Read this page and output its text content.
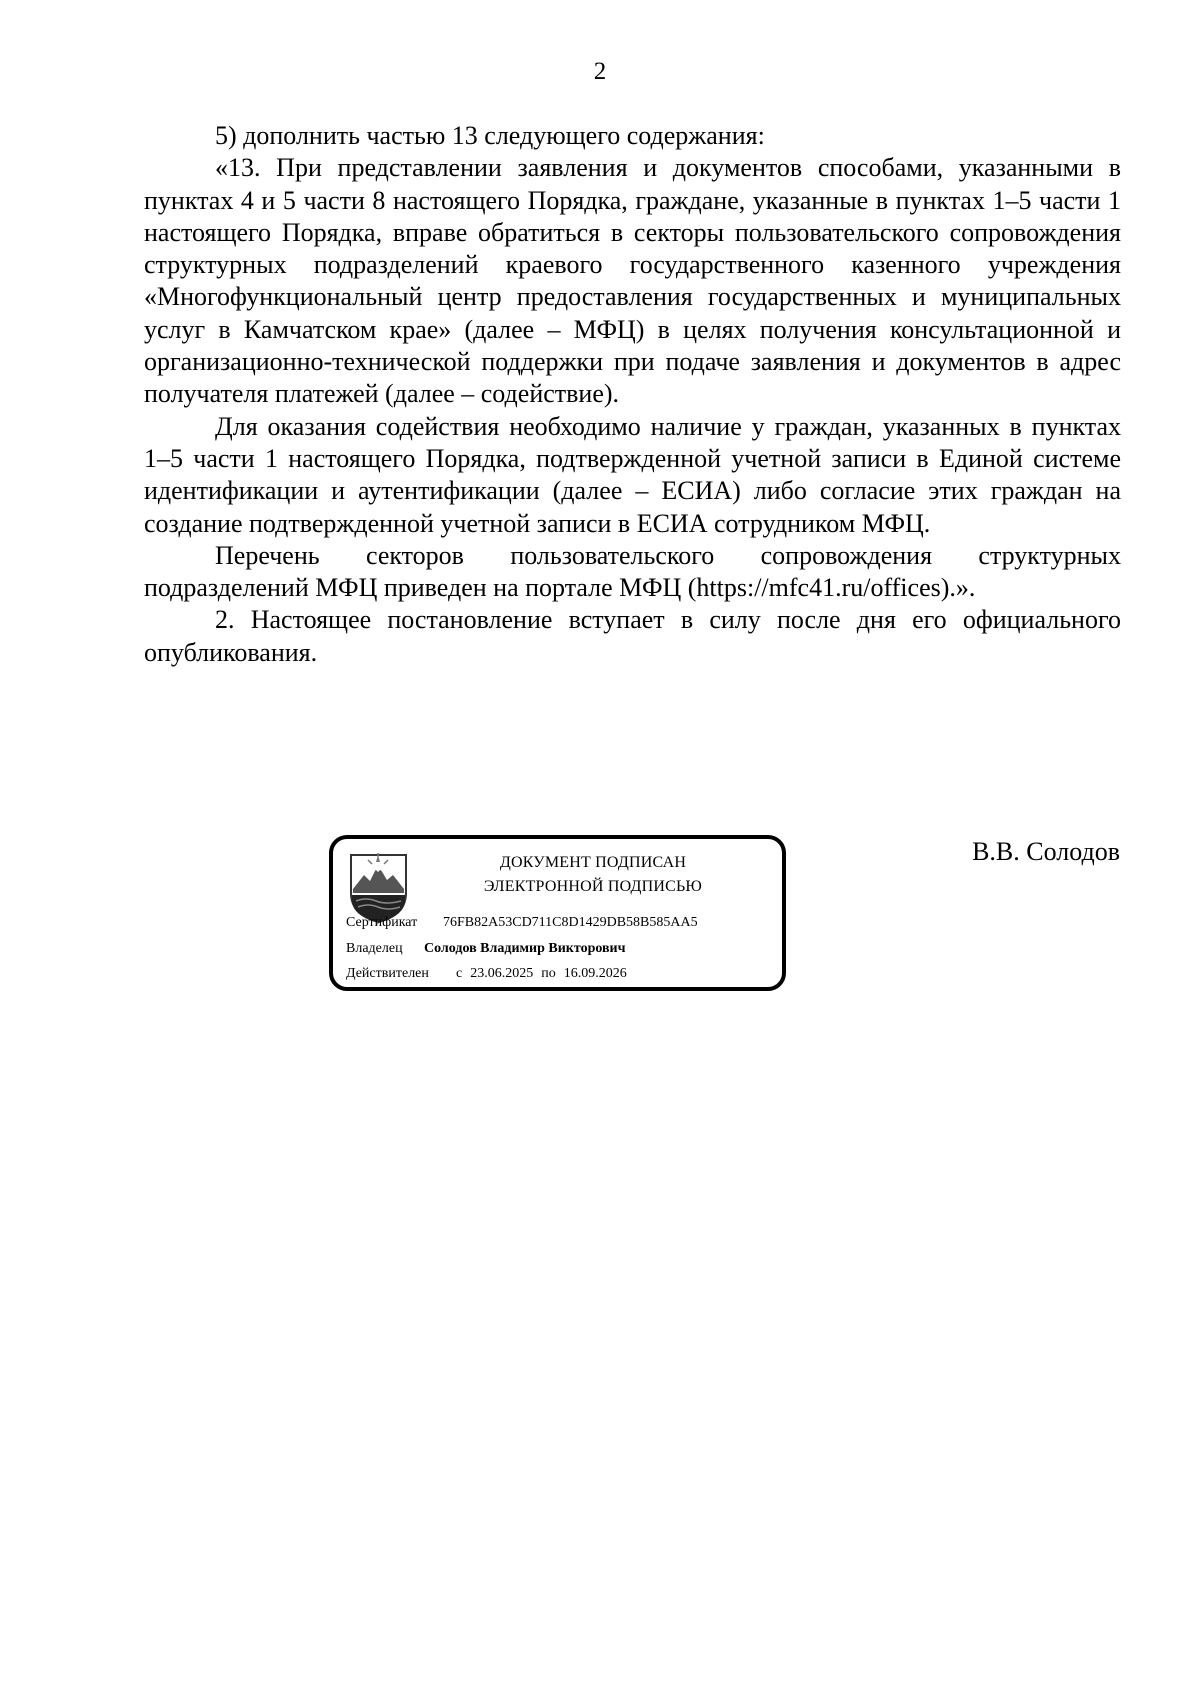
2

5) дополнить частью 13 следующего содержания:

«13. При представлении заявления и документов способами, указанными в пунктах 4 и 5 части 8 настоящего Порядка, граждане, указанные в пунктах 1–5 части 1 настоящего Порядка, вправе обратиться в секторы пользовательского сопровождения структурных подразделений краевого государственного казенного учреждения «Многофункциональный центр предоставления государственных и муниципальных услуг в Камчатском крае» (далее – МФЦ) в целях получения консультационной и организационно-технической поддержки при подаче заявления и документов в адрес получателя платежей (далее – содействие).

Для оказания содействия необходимо наличие у граждан, указанных в пунктах 1–5 части 1 настоящего Порядка, подтвержденной учетной записи в Единой системе идентификации и аутентификации (далее – ЕСИА) либо согласие этих граждан на создание подтвержденной учетной записи в ЕСИА сотрудником МФЦ.

Перечень секторов пользовательского сопровождения структурных подразделений МФЦ приведен на портале МФЦ (https://mfc41.ru/offices).».

2. Настоящее постановление вступает в силу после дня его официального опубликования.

ДОКУМЕНТ ПОДПИСАН
ЭЛЕКТРОННОЙ ПОДПИСЬЮ
Сертификат 76FB82A53CD711C8D1429DB58B585AA5
Владелец Солодов Владимир Викторович
Действителен с 23.06.2025 по 16.09.2026
В.В. Солодов
